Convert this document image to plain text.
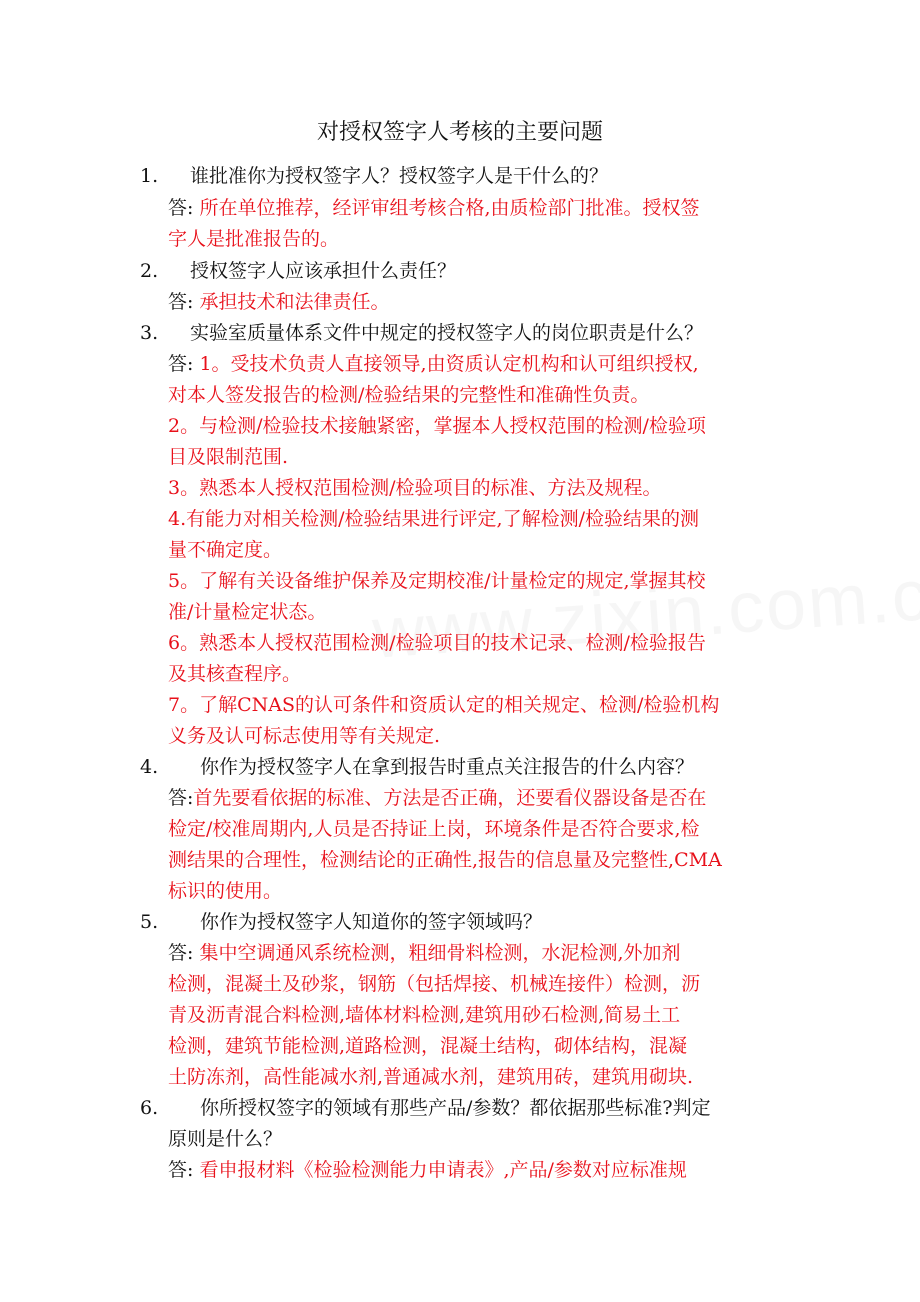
对授权签字人考核的主要问题
1. 谁批准你为授权签字人？授权签字人是干什么的？
答: 所在单位推荐，经评审组考核合格,由质检部门批准。授权签
字人是批准报告的。
2. 授权签字人应该承担什么责任？
答: 承担技术和法律责任。
3. 实验室质量体系文件中规定的授权签字人的岗位职责是什么？
答: 1。受技术负责人直接领导,由资质认定机构和认可组织授权,
对本人签发报告的检测/检验结果的完整性和准确性负责。
2。与检测/检验技术接触紧密，掌握本人授权范围的检测/检验项
目及限制范围.
3。熟悉本人授权范围检测/检验项目的标准、方法及规程。
4.有能力对相关检测/检验结果进行评定,了解检测/检验结果的测
量不确定度。
5。了解有关设备维护保养及定期校准/计量检定的规定,掌握其校
准/计量检定状态。
6。熟悉本人授权范围检测/检验项目的技术记录、检测/检验报告
及其核查程序。
7。了解CNAS的认可条件和资质认定的相关规定、检测/检验机构
义务及认可标志使用等有关规定.
4. 你作为授权签字人在拿到报告时重点关注报告的什么内容？
答:首先要看依据的标准、方法是否正确，还要看仪器设备是否在
检定/校准周期内,人员是否持证上岗，环境条件是否符合要求,检
测结果的合理性，检测结论的正确性,报告的信息量及完整性,CMA
标识的使用。
5. 你作为授权签字人知道你的签字领域吗？
答: 集中空调通风系统检测，粗细骨料检测，水泥检测,外加剂
检测，混凝土及砂浆，钢筋（包括焊接、机械连接件）检测，沥
青及沥青混合料检测,墙体材料检测,建筑用砂石检测,简易土工
检测，建筑节能检测,道路检测，混凝土结构，砌体结构，混凝
土防冻剂，高性能减水剂,普通减水剂，建筑用砖，建筑用砌块.
6. 你所授权签字的领域有那些产品/参数？都依据那些标准?判定
原则是什么？
答: 看申报材料《检验检测能力申请表》,产品/参数对应标准规
